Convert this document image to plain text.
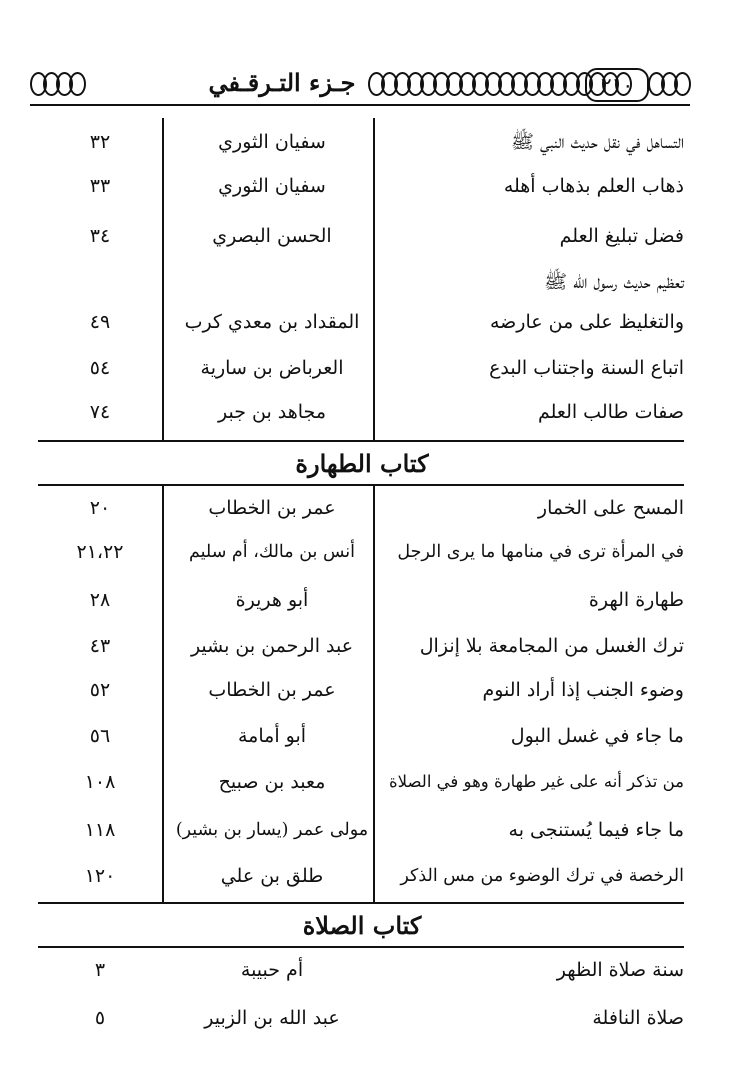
جـزء التـرقـفي	٢١٠
التساهل في نقل حديث النبي ﷺ
سفيان الثوري
٣٢
ذهاب العلم بذهاب أهله
سفيان الثوري
٣٣
فضل تبليغ العلم
الحسن البصري
٣٤
تعظيم حديث رسول الله ﷺ
والتغليظ على من عارضه
المقداد بن معدي كرب
٤٩
اتباع السنة واجتناب البدع
العرباض بن سارية
٥٤
صفات طالب العلم
مجاهد بن جبر
٧٤
كتاب الطهارة
المسح على الخمار
عمر بن الخطاب
٢٠
في المرأة ترى في منامها ما يرى الرجل
أنس بن مالك، أم سليم
٢١،٢٢
طهارة الهرة
أبو هريرة
٢٨
ترك الغسل من المجامعة بلا إنزال
عبد الرحمن بن بشير
٤٣
وضوء الجنب إذا أراد النوم
عمر بن الخطاب
٥٢
ما جاء في غسل البول
أبو أمامة
٥٦
من تذكر أنه على غير طهارة وهو في الصلاة
معبد بن صبيح
١٠٨
ما جاء فيما يُستنجى به
مولى عمر (يسار بن بشير)
١١٨
الرخصة في ترك الوضوء من مس الذكر
طلق بن علي
١٢٠
كتاب الصلاة
سنة صلاة الظهر
أم حبيبة
٣
صلاة النافلة
عبد الله بن الزبير
٥
